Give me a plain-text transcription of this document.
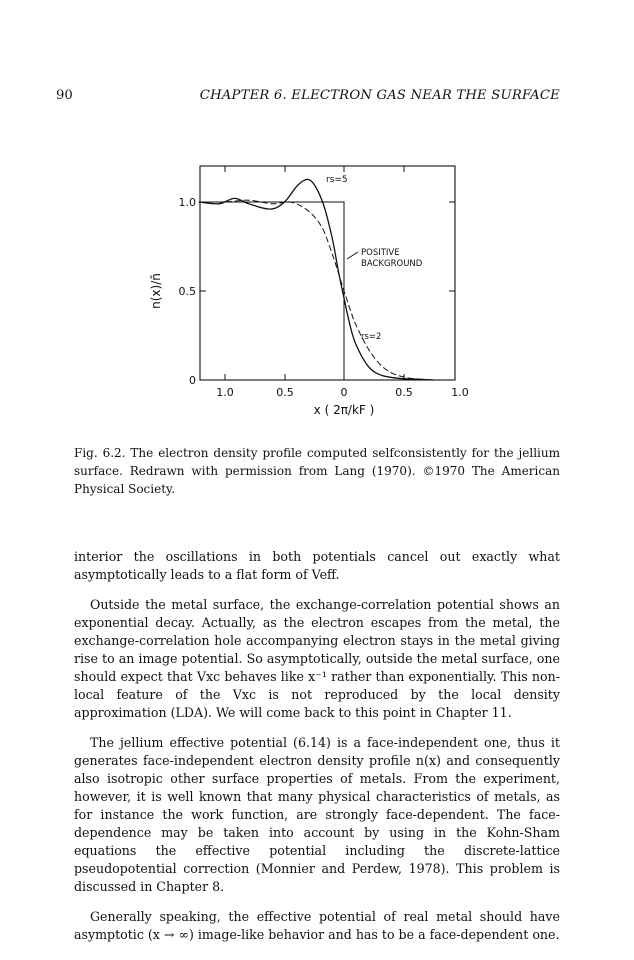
90	CHAPTER 6. ELECTRON GAS NEAR THE SURFACE
n(x)/n̄
1.0
0.5
0
1.0	0.5	0	0.5	1.0
x ( 2π/kF )
rs=5
POSITIVE
BACKGROUND
rs=2

Fig. 6.2. The electron density profile computed selfconsistently for the jellium surface. Redrawn with permission from Lang (1970). ©1970 The American Physical Society.

interior the oscillations in both potentials cancel out exactly what asymptotically leads to a flat form of Veff.

Outside the metal surface, the exchange-correlation potential shows an exponential decay. Actually, as the electron escapes from the metal, the exchange-correlation hole accompanying electron stays in the metal giving rise to an image potential. So asymptotically, outside the metal surface, one should expect that Vxc behaves like x⁻¹ rather than exponentially. This non-local feature of the Vxc is not reproduced by the local density approximation (LDA). We will come back to this point in Chapter 11.

The jellium effective potential (6.14) is a face-independent one, thus it generates face-independent electron density profile n(x) and consequently also isotropic other surface properties of metals. From the experiment, however, it is well known that many physical characteristics of metals, as for instance the work function, are strongly face-dependent. The face-dependence may be taken into account by using in the Kohn-Sham equations the effective potential including the discrete-lattice pseudopotential correction (Monnier and Perdew, 1978). This problem is discussed in Chapter 8.

Generally speaking, the effective potential of real metal should have asymptotic (x → ∞) image-like behavior and has to be a face-dependent one.
